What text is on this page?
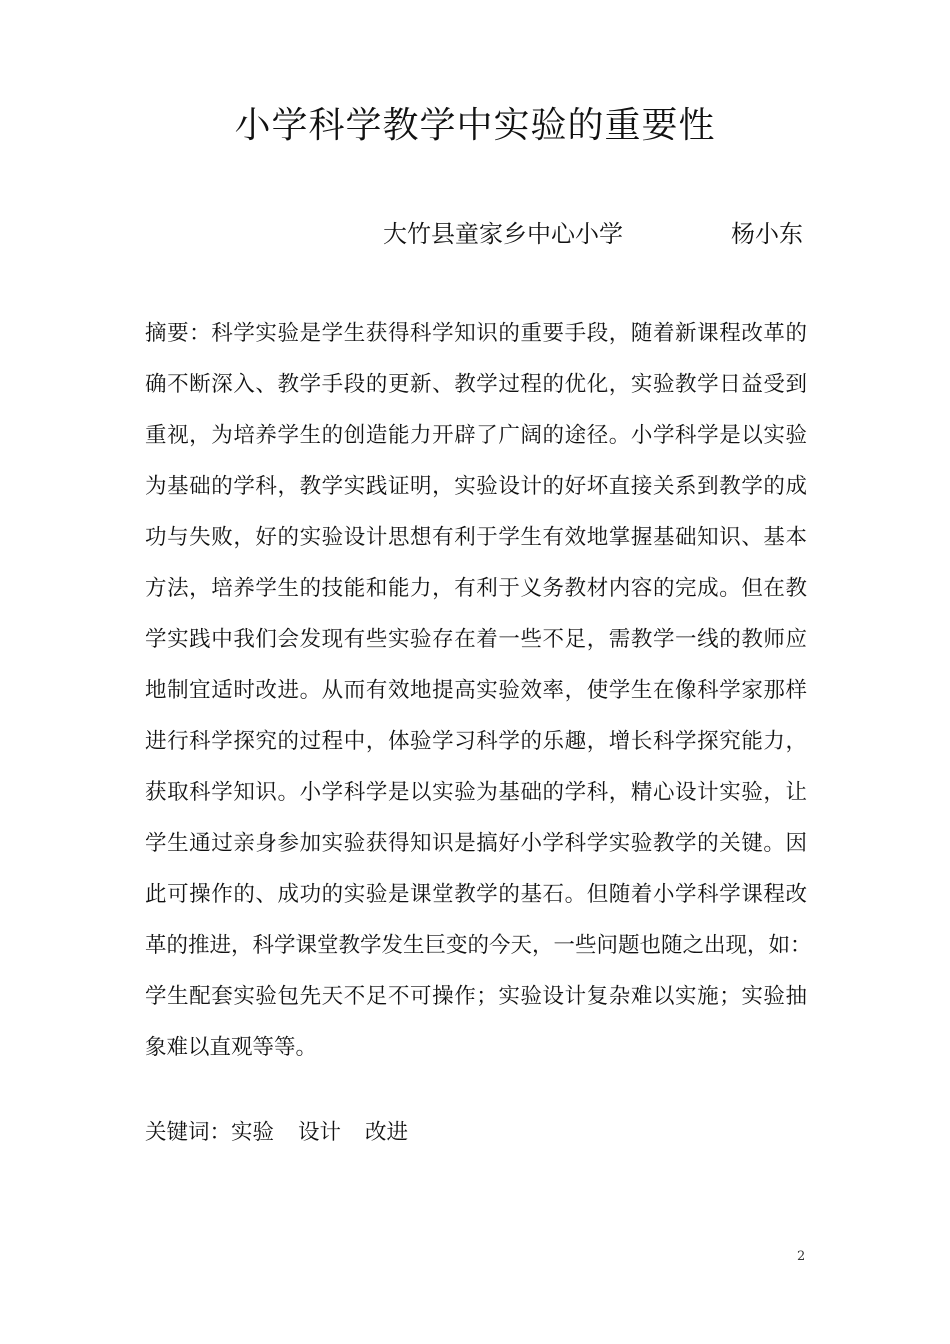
小学科学教学中实验的重要性
大竹县童家乡中心小学	杨小东
摘要：科学实验是学生获得科学知识的重要手段，随着新课程改革的
确不断深入、教学手段的更新、教学过程的优化，实验教学日益受到
重视，为培养学生的创造能力开辟了广阔的途径。小学科学是以实验
为基础的学科，教学实践证明，实验设计的好坏直接关系到教学的成
功与失败，好的实验设计思想有利于学生有效地掌握基础知识、基本
方法，培养学生的技能和能力，有利于义务教材内容的完成。但在教
学实践中我们会发现有些实验存在着一些不足，需教学一线的教师应
地制宜适时改进。从而有效地提高实验效率，使学生在像科学家那样
进行科学探究的过程中，体验学习科学的乐趣，增长科学探究能力，
获取科学知识。小学科学是以实验为基础的学科，精心设计实验，让
学生通过亲身参加实验获得知识是搞好小学科学实验教学的关键。因
此可操作的、成功的实验是课堂教学的基石。但随着小学科学课程改
革的推进，科学课堂教学发生巨变的今天，一些问题也随之出现，如：
学生配套实验包先天不足不可操作；实验设计复杂难以实施；实验抽
象难以直观等等。
关键词：实验 设计 改进
2
